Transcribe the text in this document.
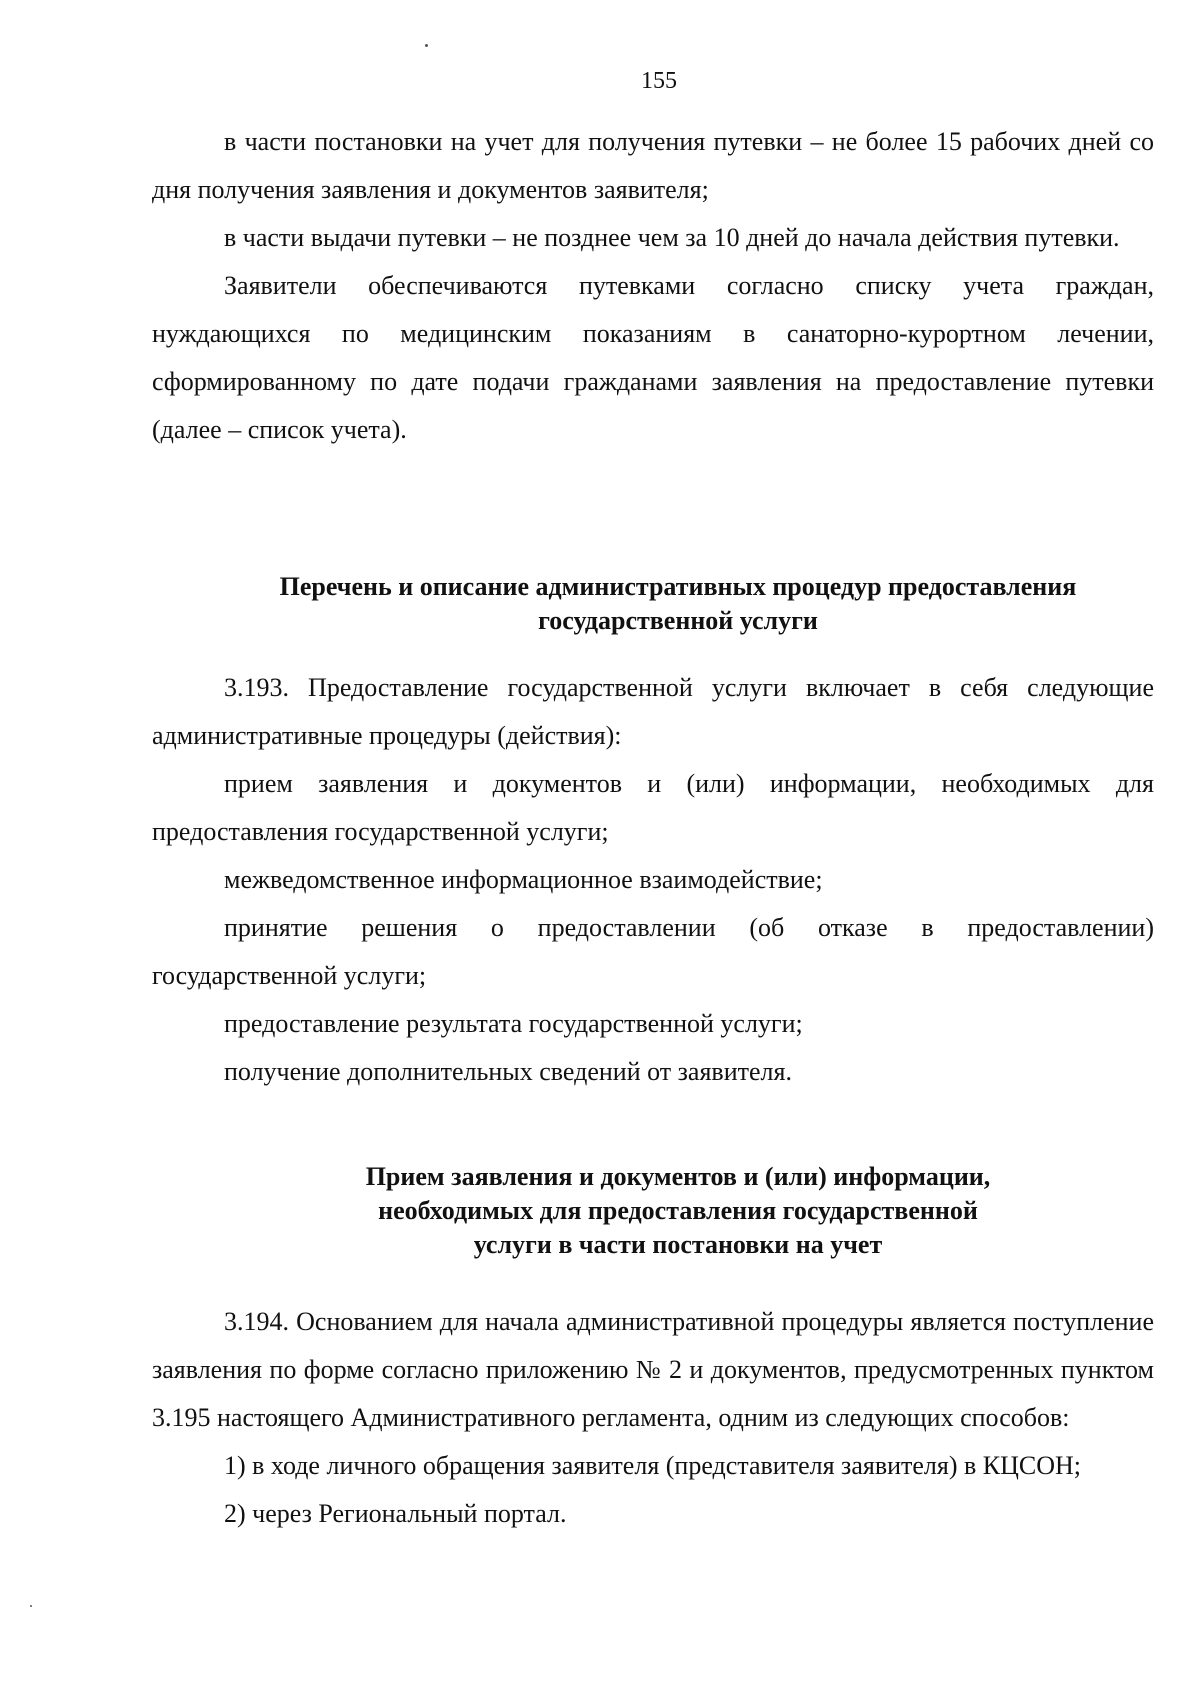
155

в части постановки на учет для получения путевки – не более 15 рабочих дней со дня получения заявления и документов заявителя;

в части выдачи путевки – не позднее чем за 10 дней до начала действия путевки.

Заявители обеспечиваются путевками согласно списку учета граждан, нуждающихся по медицинским показаниям в санаторно-курортном лечении, сформированному по дате подачи гражданами заявления на предоставление путевки (далее – список учета).

Перечень и описание административных процедур предоставления
государственной услуги

3.193. Предоставление государственной услуги включает в себя следующие административные процедуры (действия):

прием заявления и документов и (или) информации, необходимых для предоставления государственной услуги;

межведомственное информационное взаимодействие;

принятие решения о предоставлении (об отказе в предоставлении) государственной услуги;

предоставление результата государственной услуги;

получение дополнительных сведений от заявителя.

Прием заявления и документов и (или) информации,
необходимых для предоставления государственной
услуги в части постановки на учет

3.194. Основанием для начала административной процедуры является поступление заявления по форме согласно приложению № 2 и документов, предусмотренных пунктом 3.195 настоящего Административного регламента, одним из следующих способов:

1) в ходе личного обращения заявителя (представителя заявителя) в КЦСОН;

2) через Региональный портал.
